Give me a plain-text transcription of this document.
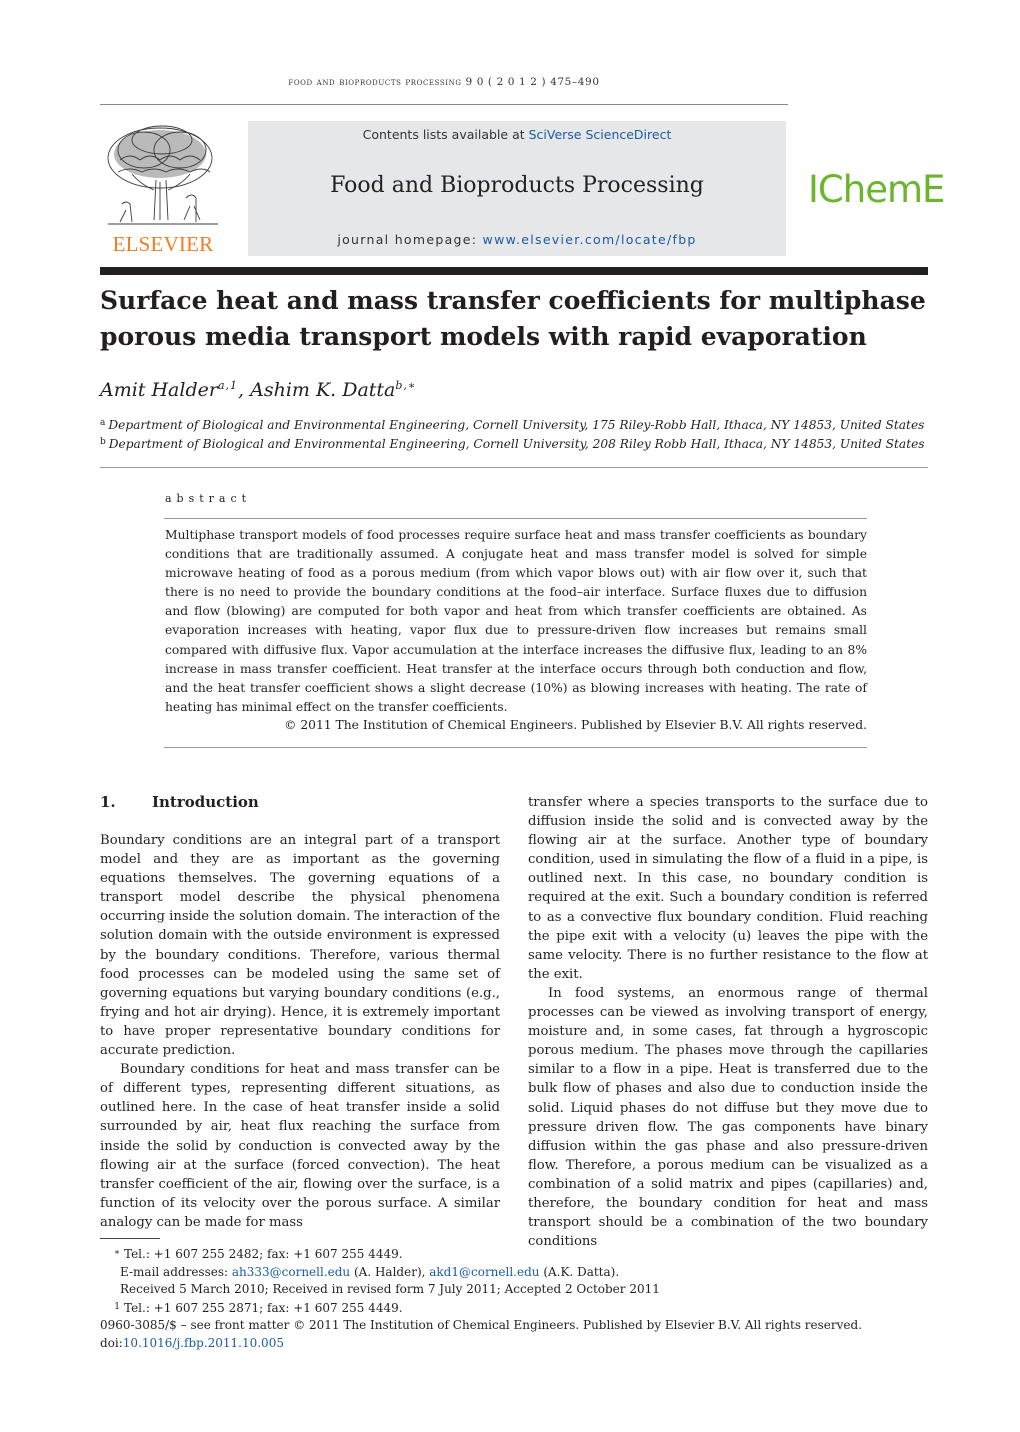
food and bioproducts processing 9 0 ( 2 0 1 2 ) 475–490
ELSEVIER
Contents lists available at SciVerse ScienceDirect
Food and Bioproducts Processing
journal homepage: www.elsevier.com/locate/fbp
IChemE
Surface heat and mass transfer coefficients for multiphase porous media transport models with rapid evaporation
Amit Halder$^{a,1}$, Ashim K. Datta$^{b,∗}$
$^a$ Department of Biological and Environmental Engineering, Cornell University, 175 Riley-Robb Hall, Ithaca, NY 14853, United States
$^b$ Department of Biological and Environmental Engineering, Cornell University, 208 Riley Robb Hall, Ithaca, NY 14853, United States
abstract
Multiphase transport models of food processes require surface heat and mass transfer coefficients as boundary conditions that are traditionally assumed. A conjugate heat and mass transfer model is solved for simple microwave heating of food as a porous medium (from which vapor blows out) with air flow over it, such that there is no need to provide the boundary conditions at the food–air interface. Surface fluxes due to diffusion and flow (blowing) are computed for both vapor and heat from which transfer coefficients are obtained. As evaporation increases with heating, vapor flux due to pressure-driven flow increases but remains small compared with diffusive flux. Vapor accumulation at the interface increases the diffusive flux, leading to an 8% increase in mass transfer coefficient. Heat transfer at the interface occurs through both conduction and flow, and the heat transfer coefficient shows a slight decrease (10%) as blowing increases with heating. The rate of heating has minimal effect on the transfer coefficients.
© 2011 The Institution of Chemical Engineers. Published by Elsevier B.V. All rights reserved.
1. Introduction

Boundary conditions are an integral part of a transport model and they are as important as the governing equations themselves. The governing equations of a transport model describe the physical phenomena occurring inside the solution domain. The interaction of the solution domain with the outside environment is expressed by the boundary conditions. Therefore, various thermal food processes can be modeled using the same set of governing equations but varying boundary conditions (e.g., frying and hot air drying). Hence, it is extremely important to have proper representative boundary conditions for accurate prediction.

Boundary conditions for heat and mass transfer can be of different types, representing different situations, as outlined here. In the case of heat transfer inside a solid surrounded by air, heat flux reaching the surface from inside the solid by conduction is convected away by the flowing air at the surface (forced convection). The heat transfer coefficient of the air, flowing over the surface, is a function of its velocity over the porous surface. A similar analogy can be made for mass

transfer where a species transports to the surface due to diffusion inside the solid and is convected away by the flowing air at the surface. Another type of boundary condition, used in simulating the flow of a fluid in a pipe, is outlined next. In this case, no boundary condition is required at the exit. Such a boundary condition is referred to as a convective flux boundary condition. Fluid reaching the pipe exit with a velocity (u) leaves the pipe with the same velocity. There is no further resistance to the flow at the exit.

In food systems, an enormous range of thermal processes can be viewed as involving transport of energy, moisture and, in some cases, fat through a hygroscopic porous medium. The phases move through the capillaries similar to a flow in a pipe. Heat is transferred due to the bulk flow of phases and also due to conduction inside the solid. Liquid phases do not diffuse but they move due to pressure driven flow. The gas components have binary diffusion within the gas phase and also pressure-driven flow. Therefore, a porous medium can be visualized as a combination of a solid matrix and pipes (capillaries) and, therefore, the boundary condition for heat and mass transport should be a combination of the two boundary conditions

∗ Tel.: +1 607 255 2482; fax: +1 607 255 4449.
E-mail addresses: ah333@cornell.edu (A. Halder), akd1@cornell.edu (A.K. Datta).
Received 5 March 2010; Received in revised form 7 July 2011; Accepted 2 October 2011
1 Tel.: +1 607 255 2871; fax: +1 607 255 4449.
0960-3085/$ – see front matter © 2011 The Institution of Chemical Engineers. Published by Elsevier B.V. All rights reserved.
doi:10.1016/j.fbp.2011.10.005
